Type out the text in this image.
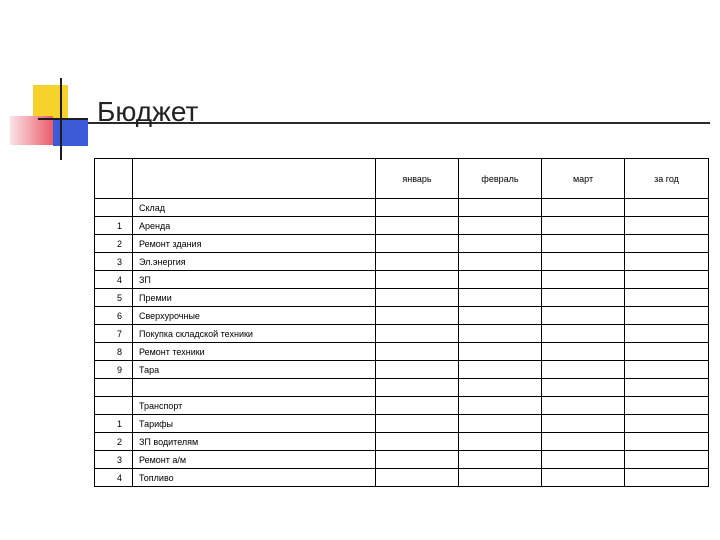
Бюджет
		январь	февраль	март	за год
	Склад				
1	Аренда				
2	Ремонт здания				
3	Эл.энергия				
4	ЗП				
5	Премии				
6	Сверхурочные				
7	Покупка складской техники				
8	Ремонт техники				
9	Тара				

	Транспорт				
1	Тарифы				
2	ЗП водителям				
3	Ремонт а/м				
4	Топливо				
